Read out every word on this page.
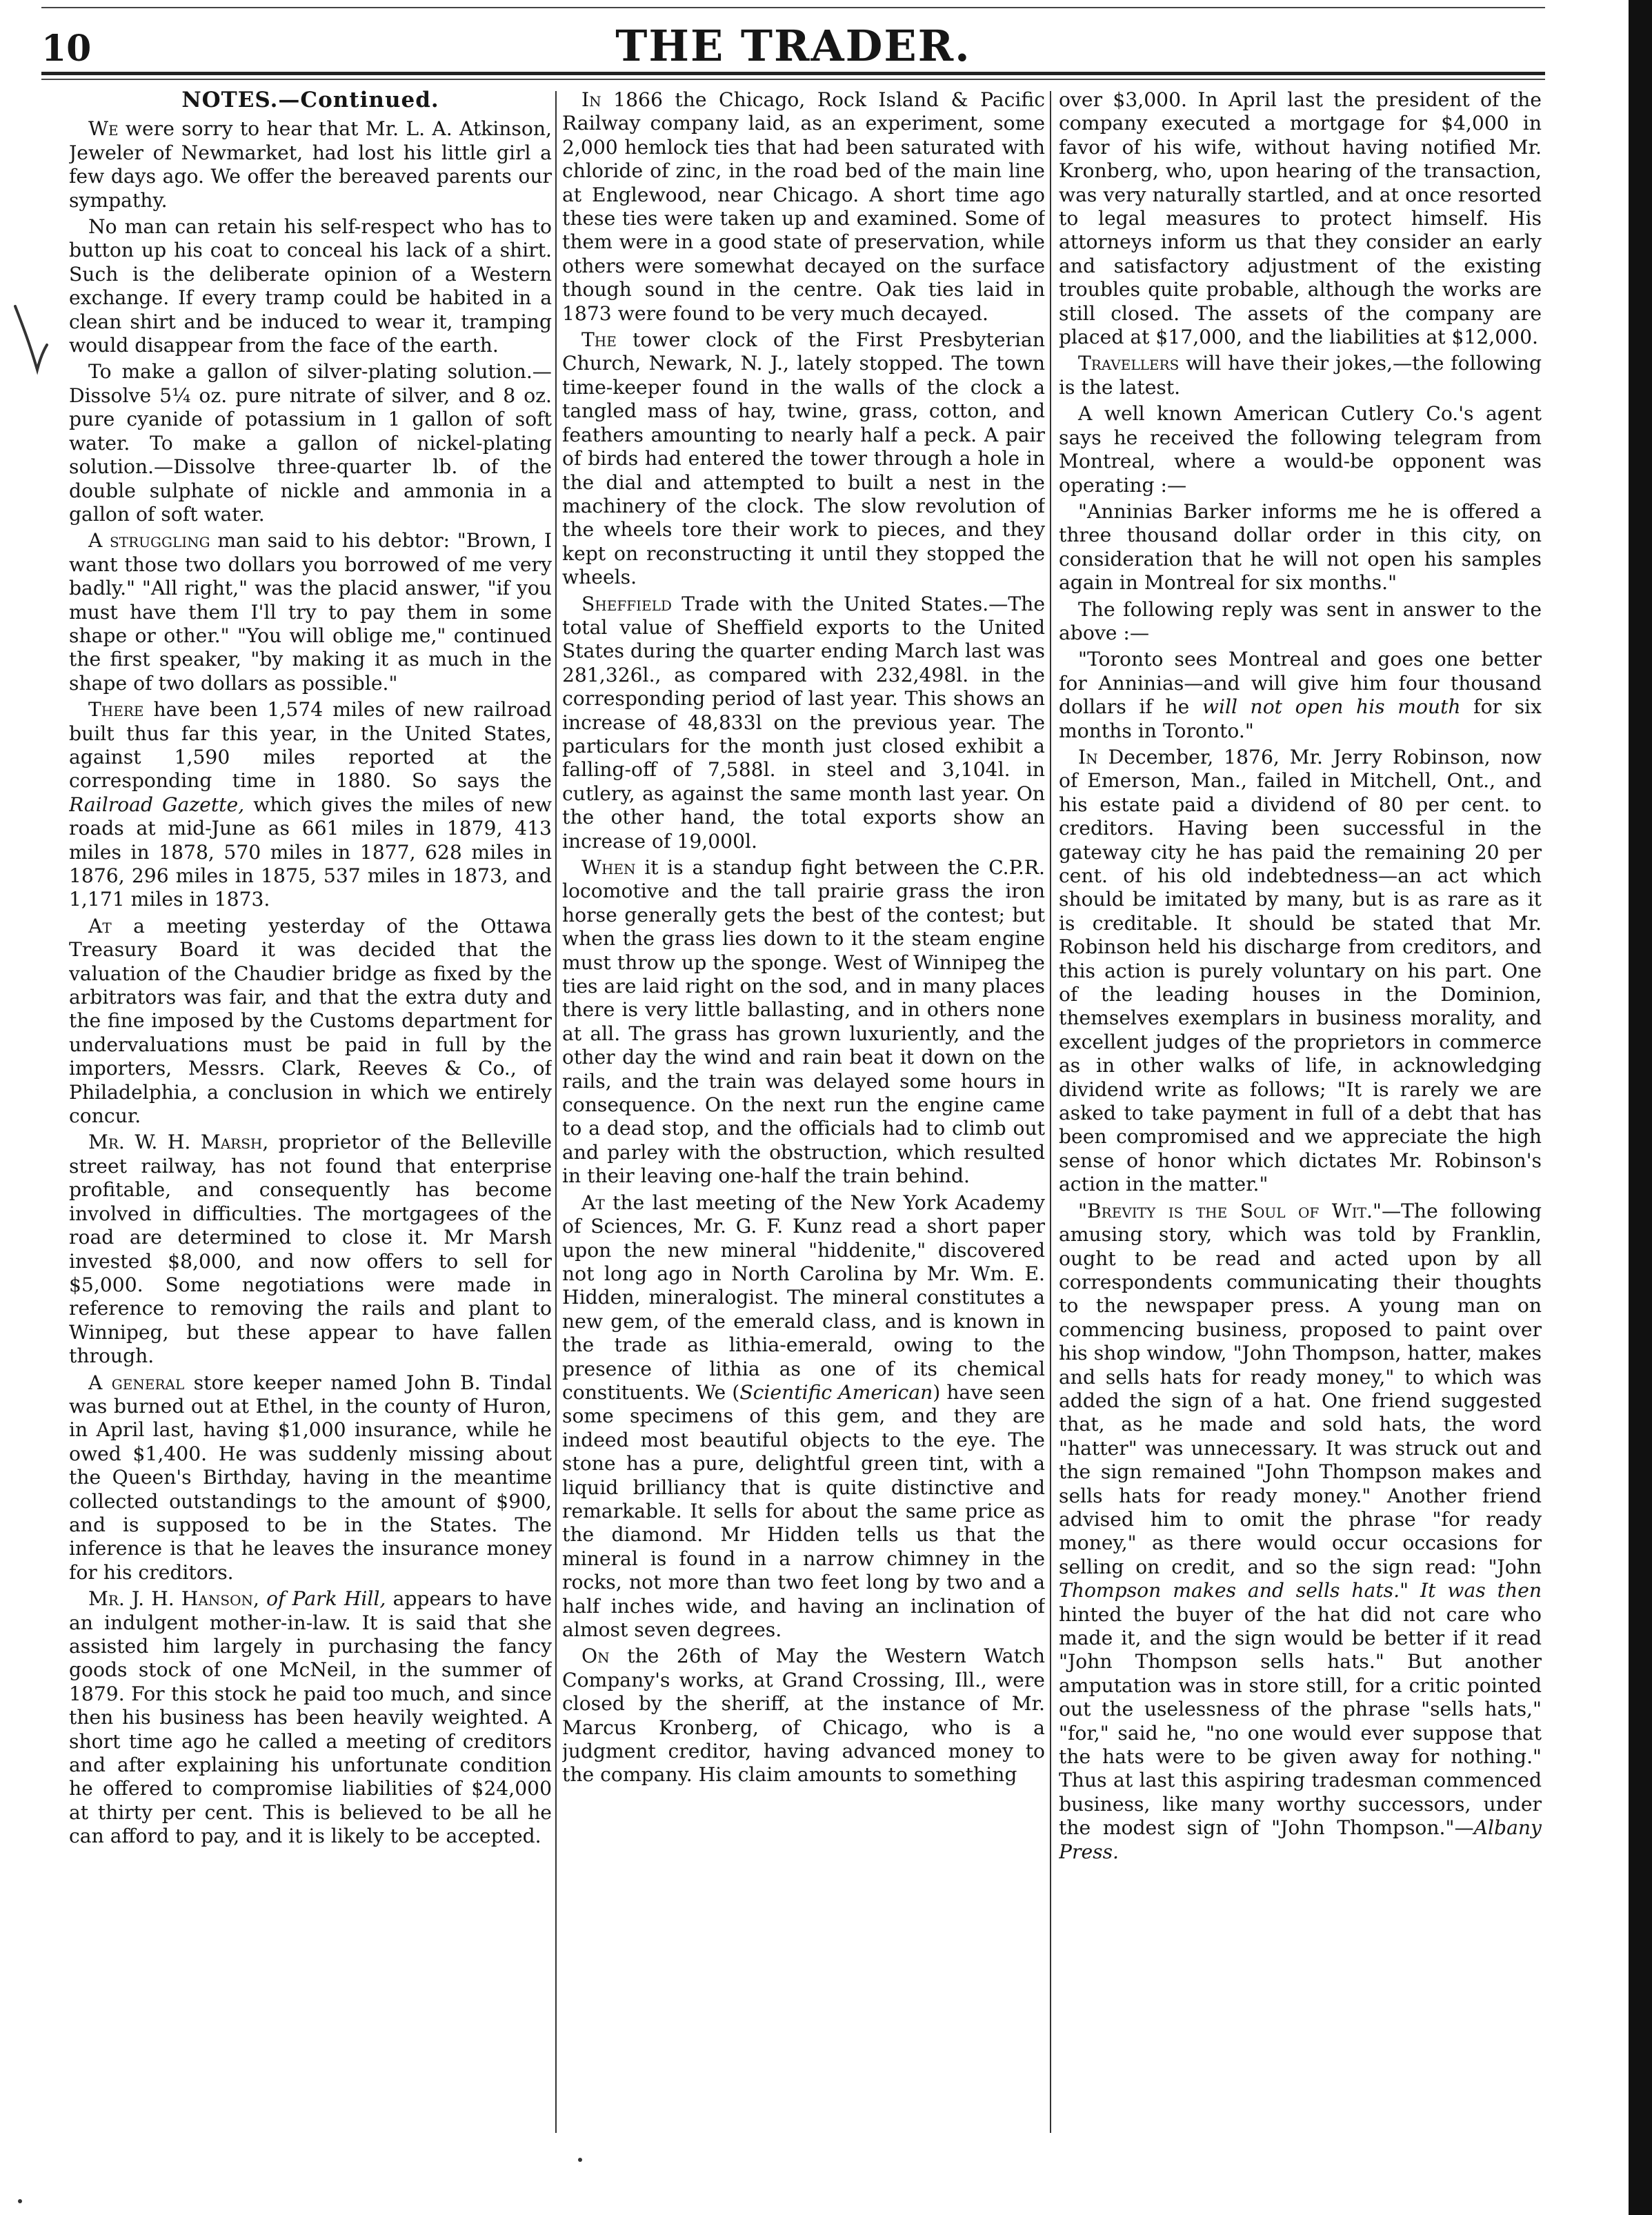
10	THE TRADER.
NOTES.—Continued.

We were sorry to hear that Mr. L. A. Atkinson, Jeweler of Newmarket, had lost his little girl a few days ago. We offer the bereaved parents our sympathy.

No man can retain his self-respect who has to button up his coat to conceal his lack of a shirt. Such is the deliberate opinion of a Western exchange. If every tramp could be habited in a clean shirt and be induced to wear it, tramping would disappear from the face of the earth.

To make a gallon of silver-plating solution.—Dissolve 5¼ oz. pure nitrate of silver, and 8 oz. pure cyanide of potassium in 1 gallon of soft water. To make a gallon of nickel-plating solution.—Dissolve three-quarter lb. of the double sulphate of nickle and ammonia in a gallon of soft water.

A struggling man said to his debtor: "Brown, I want those two dollars you borrowed of me very badly." "All right," was the placid answer, "if you must have them I'll try to pay them in some shape or other." "You will oblige me," continued the first speaker, "by making it as much in the shape of two dollars as possible."

There have been 1,574 miles of new railroad built thus far this year, in the United States, against 1,590 miles reported at the corresponding time in 1880. So says the Railroad Gazette, which gives the miles of new roads at mid-June as 661 miles in 1879, 413 miles in 1878, 570 miles in 1877, 628 miles in 1876, 296 miles in 1875, 537 miles in 1873, and 1,171 miles in 1873.

At a meeting yesterday of the Ottawa Treasury Board it was decided that the valuation of the Chaudier bridge as fixed by the arbitrators was fair, and that the extra duty and the fine imposed by the Customs department for undervaluations must be paid in full by the importers, Messrs. Clark, Reeves & Co., of Philadelphia, a conclusion in which we entirely concur.

Mr. W. H. Marsh, proprietor of the Belleville street railway, has not found that enterprise profitable, and consequently has become involved in difficulties. The mortgagees of the road are determined to close it. Mr Marsh invested $8,000, and now offers to sell for $5,000. Some negotiations were made in reference to removing the rails and plant to Winnipeg, but these appear to have fallen through.

A general store keeper named John B. Tindal was burned out at Ethel, in the county of Huron, in April last, having $1,000 insurance, while he owed $1,400. He was suddenly missing about the Queen's Birthday, having in the meantime collected outstandings to the amount of $900, and is supposed to be in the States. The inference is that he leaves the insurance money for his creditors.

Mr. J. H. Hanson, of Park Hill, appears to have an indulgent mother-in-law. It is said that she assisted him largely in purchasing the fancy goods stock of one McNeil, in the summer of 1879. For this stock he paid too much, and since then his business has been heavily weighted. A short time ago he called a meeting of creditors and after explaining his unfortunate condition he offered to compromise liabilities of $24,000 at thirty per cent. This is believed to be all he can afford to pay, and it is likely to be accepted.

In 1866 the Chicago, Rock Island & Pacific Railway company laid, as an experiment, some 2,000 hemlock ties that had been saturated with chloride of zinc, in the road bed of the main line at Englewood, near Chicago. A short time ago these ties were taken up and examined. Some of them were in a good state of preservation, while others were somewhat decayed on the surface though sound in the centre. Oak ties laid in 1873 were found to be very much decayed.

The tower clock of the First Presbyterian Church, Newark, N. J., lately stopped. The town time-keeper found in the walls of the clock a tangled mass of hay, twine, grass, cotton, and feathers amounting to nearly half a peck. A pair of birds had entered the tower through a hole in the dial and attempted to built a nest in the machinery of the clock. The slow revolution of the wheels tore their work to pieces, and they kept on reconstructing it until they stopped the wheels.

Sheffield Trade with the United States.—The total value of Sheffield exports to the United States during the quarter ending March last was 281,326l., as compared with 232,498l. in the corresponding period of last year. This shows an increase of 48,833l on the previous year. The particulars for the month just closed exhibit a falling-off of 7,588l. in steel and 3,104l. in cutlery, as against the same month last year. On the other hand, the total exports show an increase of 19,000l.

When it is a standup fight between the C.P.R. locomotive and the tall prairie grass the iron horse generally gets the best of the contest; but when the grass lies down to it the steam engine must throw up the sponge. West of Winnipeg the ties are laid right on the sod, and in many places there is very little ballasting, and in others none at all. The grass has grown luxuriently, and the other day the wind and rain beat it down on the rails, and the train was delayed some hours in consequence. On the next run the engine came to a dead stop, and the officials had to climb out and parley with the obstruction, which resulted in their leaving one-half the train behind.

At the last meeting of the New York Academy of Sciences, Mr. G. F. Kunz read a short paper upon the new mineral "hiddenite," discovered not long ago in North Carolina by Mr. Wm. E. Hidden, mineralogist. The mineral constitutes a new gem, of the emerald class, and is known in the trade as lithia-emerald, owing to the presence of lithia as one of its chemical constituents. We (Scientific American) have seen some specimens of this gem, and they are indeed most beautiful objects to the eye. The stone has a pure, delightful green tint, with a liquid brilliancy that is quite distinctive and remarkable. It sells for about the same price as the diamond. Mr Hidden tells us that the mineral is found in a narrow chimney in the rocks, not more than two feet long by two and a half inches wide, and having an inclination of almost seven degrees.

On the 26th of May the Western Watch Company's works, at Grand Crossing, Ill., were closed by the sheriff, at the instance of Mr. Marcus Kronberg, of Chicago, who is a judgment creditor, having advanced money to the company. His claim amounts to something

over $3,000. In April last the president of the company executed a mortgage for $4,000 in favor of his wife, without having notified Mr. Kronberg, who, upon hearing of the transaction, was very naturally startled, and at once resorted to legal measures to protect himself. His attorneys inform us that they consider an early and satisfactory adjustment of the existing troubles quite probable, although the works are still closed. The assets of the company are placed at $17,000, and the liabilities at $12,000.

Travellers will have their jokes,—the following is the latest.

A well known American Cutlery Co.'s agent says he received the following telegram from Montreal, where a would-be opponent was operating :—

"Anninias Barker informs me he is offered a three thousand dollar order in this city, on consideration that he will not open his samples again in Montreal for six months."

The following reply was sent in answer to the above :—

"Toronto sees Montreal and goes one better for Anninias—and will give him four thousand dollars if he will not open his mouth for six months in Toronto."

In December, 1876, Mr. Jerry Robinson, now of Emerson, Man., failed in Mitchell, Ont., and his estate paid a dividend of 80 per cent. to creditors. Having been successful in the gateway city he has paid the remaining 20 per cent. of his old indebtedness—an act which should be imitated by many, but is as rare as it is creditable. It should be stated that Mr. Robinson held his discharge from creditors, and this action is purely voluntary on his part. One of the leading houses in the Dominion, themselves exemplars in business morality, and excellent judges of the proprietors in commerce as in other walks of life, in acknowledging dividend write as follows; "It is rarely we are asked to take payment in full of a debt that has been compromised and we appreciate the high sense of honor which dictates Mr. Robinson's action in the matter."

"Brevity is the Soul of Wit."—The following amusing story, which was told by Franklin, ought to be read and acted upon by all correspondents communicating their thoughts to the newspaper press. A young man on commencing business, proposed to paint over his shop window, "John Thompson, hatter, makes and sells hats for ready money," to which was added the sign of a hat. One friend suggested that, as he made and sold hats, the word "hatter" was unnecessary. It was struck out and the sign remained "John Thompson makes and sells hats for ready money." Another friend advised him to omit the phrase "for ready money," as there would occur occasions for selling on credit, and so the sign read: "John Thompson makes and sells hats." It was then hinted the buyer of the hat did not care who made it, and the sign would be better if it read "John Thompson sells hats." But another amputation was in store still, for a critic pointed out the uselessness of the phrase "sells hats," "for," said he, "no one would ever suppose that the hats were to be given away for nothing." Thus at last this aspiring tradesman commenced business, like many worthy successors, under the modest sign of "John Thompson."—Albany Press.
